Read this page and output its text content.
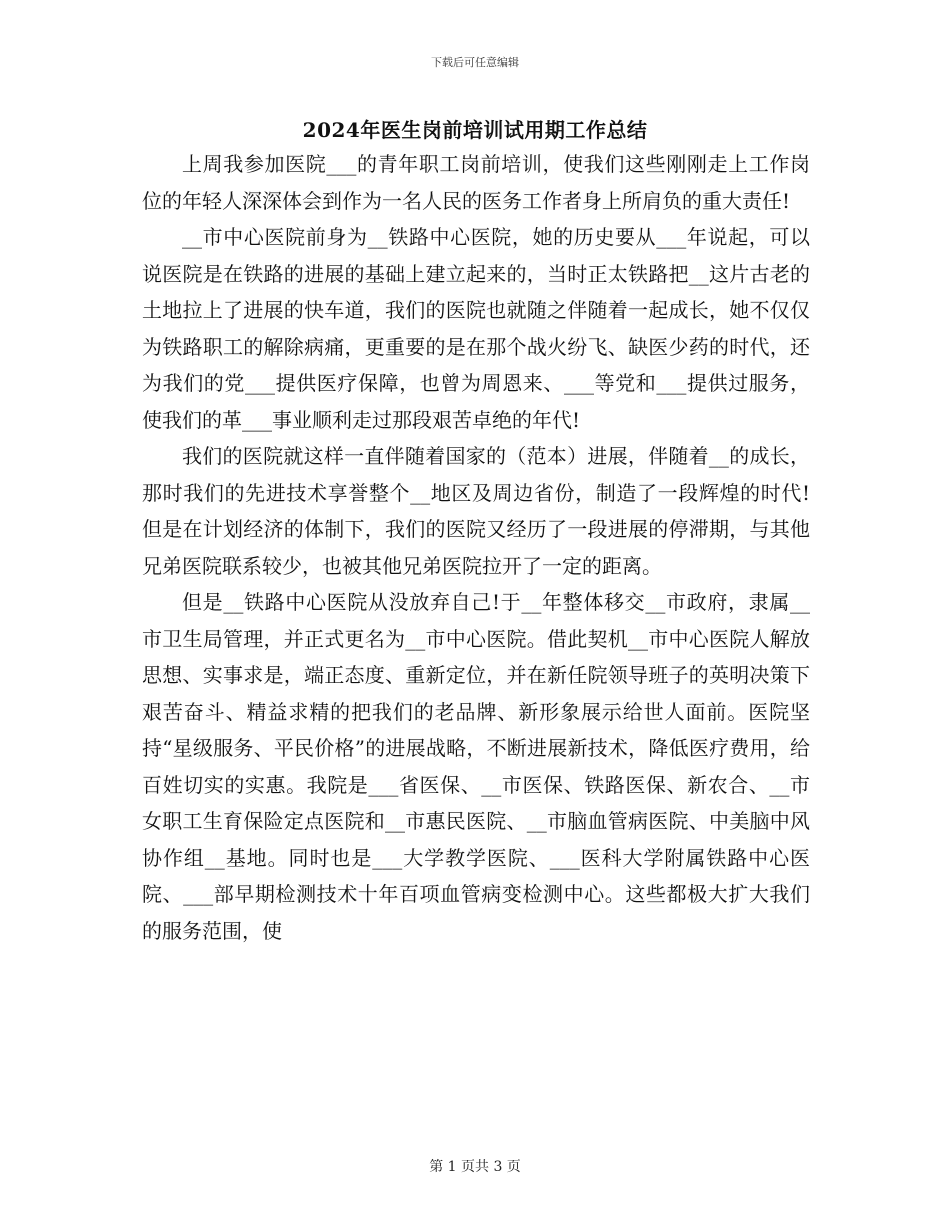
下载后可任意编辑
2024年医生岗前培训试用期工作总结

上周我参加医院___的青年职工岗前培训，使我们这些刚刚走上工作岗位的年轻人深深体会到作为一名人民的医务工作者身上所肩负的重大责任!

__市中心医院前身为__铁路中心医院，她的历史要从___年说起，可以说医院是在铁路的进展的基础上建立起来的，当时正太铁路把__这片古老的土地拉上了进展的快车道，我们的医院也就随之伴随着一起成长，她不仅仅为铁路职工的解除病痛，更重要的是在那个战火纷飞、缺医少药的时代，还为我们的党___提供医疗保障，也曾为周恩来、___等党和___提供过服务，使我们的革___事业顺利走过那段艰苦卓绝的年代!

我们的医院就这样一直伴随着国家的（范本）进展，伴随着__的成长，那时我们的先进技术享誉整个__地区及周边省份，制造了一段辉煌的时代!但是在计划经济的体制下，我们的医院又经历了一段进展的停滞期，与其他兄弟医院联系较少，也被其他兄弟医院拉开了一定的距离。

但是__铁路中心医院从没放弃自己!于__年整体移交__市政府，隶属__市卫生局管理，并正式更名为__市中心医院。借此契机__市中心医院人解放思想、实事求是，端正态度、重新定位，并在新任院领导班子的英明决策下艰苦奋斗、精益求精的把我们的老品牌、新形象展示给世人面前。医院坚持“星级服务、平民价格”的进展战略，不断进展新技术，降低医疗费用，给百姓切实的实惠。我院是___省医保、__市医保、铁路医保、新农合、__市女职工生育保险定点医院和__市惠民医院、__市脑血管病医院、中美脑中风协作组__基地。同时也是___大学教学医院、___医科大学附属铁路中心医院、___部早期检测技术十年百项血管病变检测中心。这些都极大扩大我们的服务范围，使

第 1 页共 3 页
